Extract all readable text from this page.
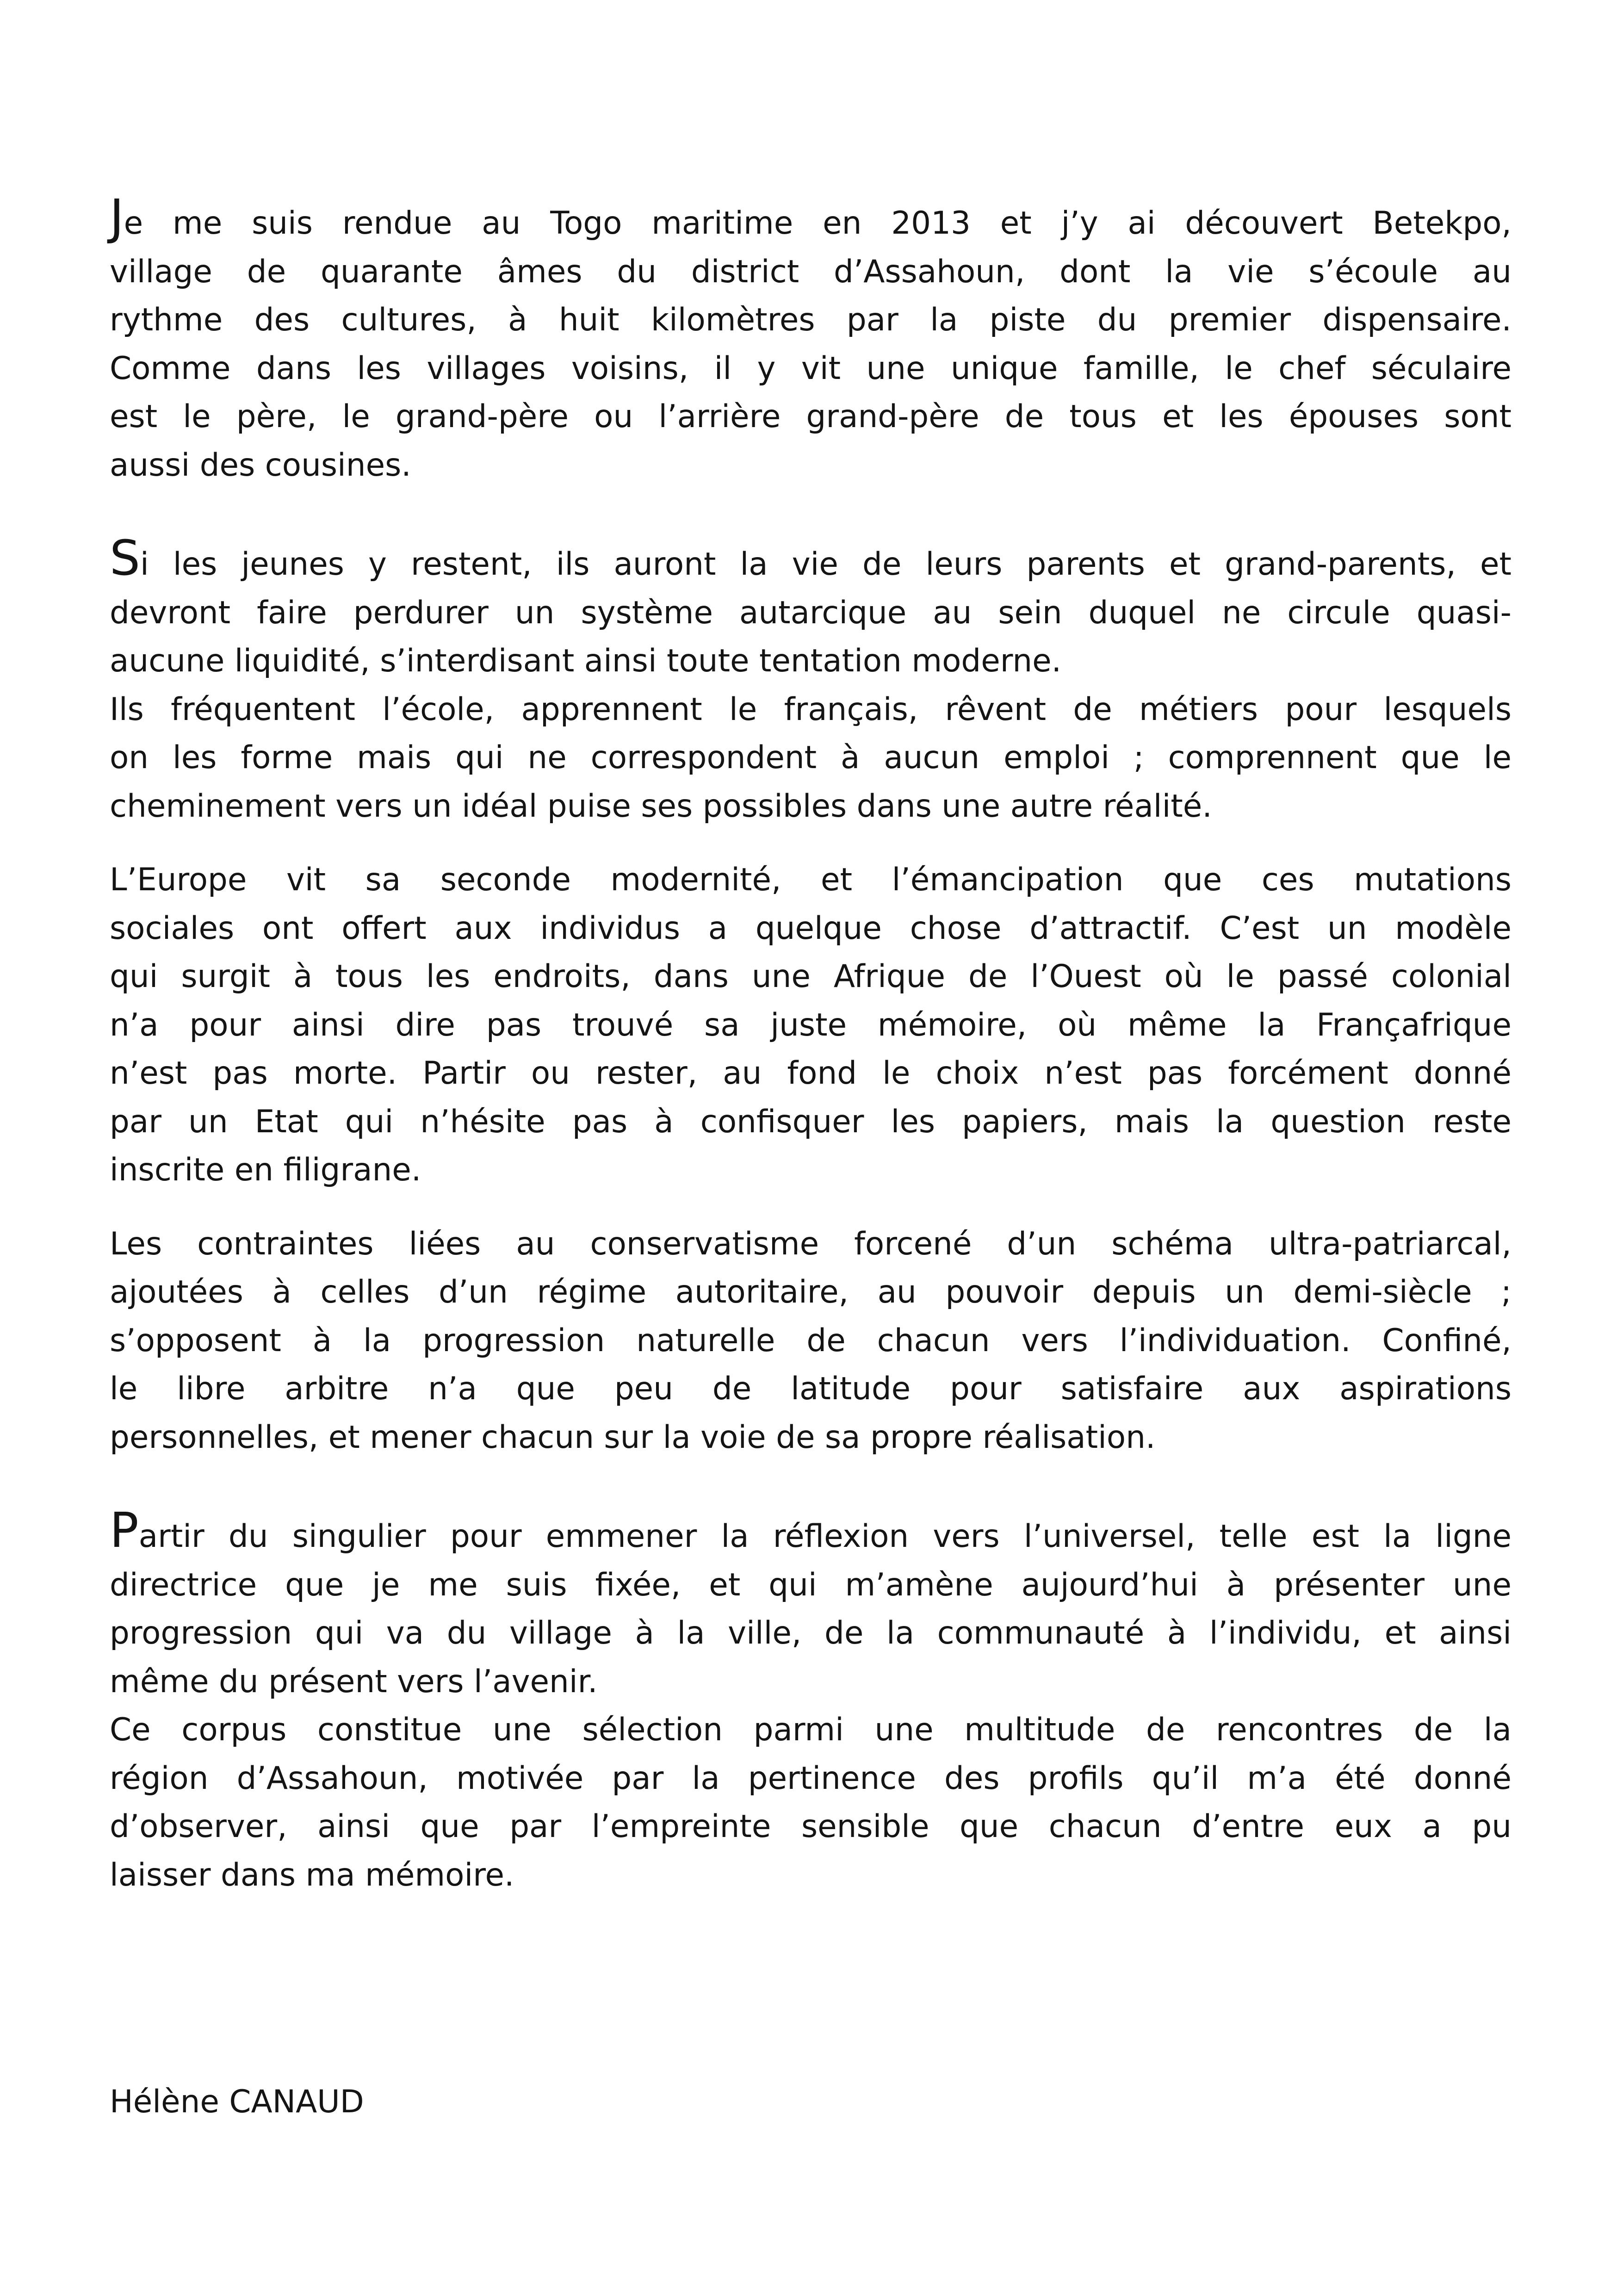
Je me suis rendue au Togo maritime en 2013 et j’y ai découvert Betekpo,
village de quarante âmes du district d’Assahoun, dont la vie s’écoule au
rythme des cultures, à huit kilomètres par la piste du premier dispensaire.
Comme dans les villages voisins, il y vit une unique famille, le chef séculaire
est le père, le grand-père ou l’arrière grand-père de tous et les épouses sont
aussi des cousines.
Si les jeunes y restent, ils auront la vie de leurs parents et grand-parents, et
devront faire perdurer un système autarcique au sein duquel ne circule quasi-
aucune liquidité, s’interdisant ainsi toute tentation moderne.
Ils fréquentent l’école, apprennent le français, rêvent de métiers pour lesquels
on les forme mais qui ne correspondent à aucun emploi ; comprennent que le
cheminement vers un idéal puise ses possibles dans une autre réalité.
L’Europe vit sa seconde modernité, et l’émancipation que ces mutations
sociales ont offert aux individus a quelque chose d’attractif. C’est un modèle
qui surgit à tous les endroits, dans une Afrique de l’Ouest où le passé colonial
n’a pour ainsi dire pas trouvé sa juste mémoire, où même la Françafrique
n’est pas morte. Partir ou rester, au fond le choix n’est pas forcément donné
par un Etat qui n’hésite pas à confisquer les papiers, mais la question reste
inscrite en filigrane.
Les contraintes liées au conservatisme forcené d’un schéma ultra-patriarcal,
ajoutées à celles d’un régime autoritaire, au pouvoir depuis un demi-siècle ;
s’opposent à la progression naturelle de chacun vers l’individuation. Confiné,
le libre arbitre n’a que peu de latitude pour satisfaire aux aspirations
personnelles, et mener chacun sur la voie de sa propre réalisation.
Partir du singulier pour emmener la réflexion vers l’universel, telle est la ligne
directrice que je me suis fixée, et qui m’amène aujourd’hui à présenter une
progression qui va du village à la ville, de la communauté à l’individu, et ainsi
même du présent vers l’avenir.
Ce corpus constitue une sélection parmi une multitude de rencontres de la
région d’Assahoun, motivée par la pertinence des profils qu’il m’a été donné
d’observer, ainsi que par l’empreinte sensible que chacun d’entre eux a pu
laisser dans ma mémoire.
Hélène CANAUD
